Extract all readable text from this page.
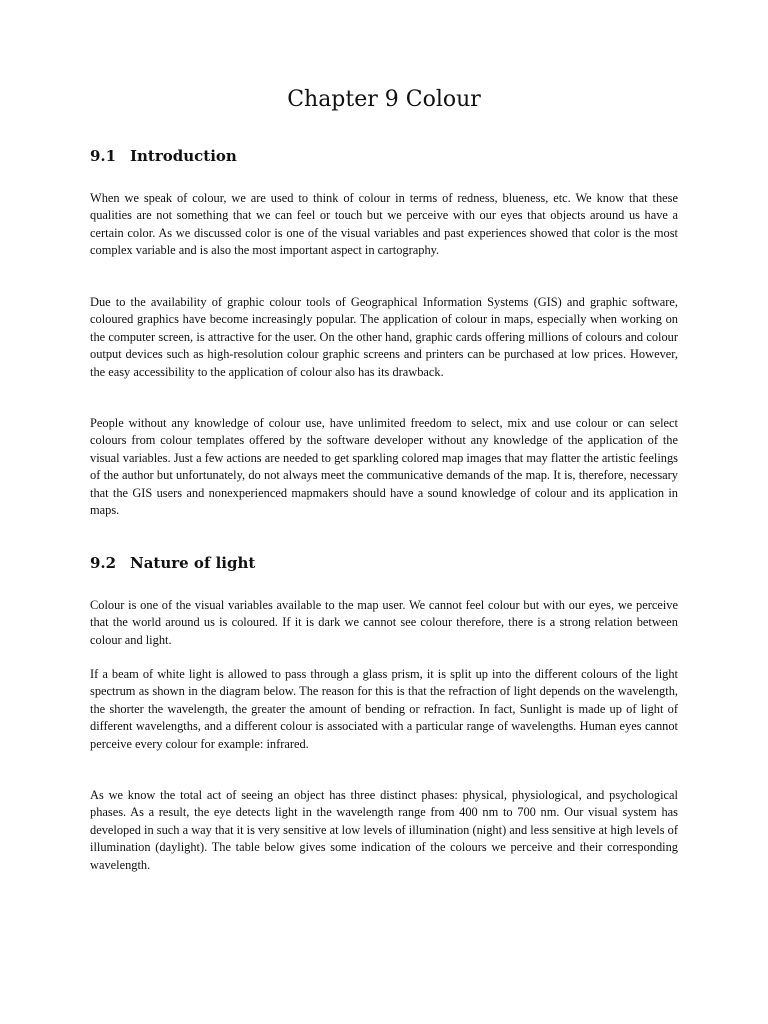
Chapter 9 Colour
9.1 Introduction

When we speak of colour, we are used to think of colour in terms of redness, blueness, etc. We know that these qualities are not something that we can feel or touch but we perceive with our eyes that objects around us have a certain color. As we discussed color is one of the visual variables and past experiences showed that color is the most complex variable and is also the most important aspect in cartography.

Due to the availability of graphic colour tools of Geographical Information Systems (GIS) and graphic software, coloured graphics have become increasingly popular. The application of colour in maps, especially when working on the computer screen, is attractive for the user. On the other hand, graphic cards offering millions of colours and colour output devices such as high-resolution colour graphic screens and printers can be purchased at low prices. However, the easy accessibility to the application of colour also has its drawback.

People without any knowledge of colour use, have unlimited freedom to select, mix and use colour or can select colours from colour templates offered by the software developer without any knowledge of the application of the visual variables. Just a few actions are needed to get sparkling colored map images that may flatter the artistic feelings of the author but unfortunately, do not always meet the communicative demands of the map. It is, therefore, necessary that the GIS users and nonexperienced mapmakers should have a sound knowledge of colour and its application in maps.

9.2 Nature of light

Colour is one of the visual variables available to the map user. We cannot feel colour but with our eyes, we perceive that the world around us is coloured. If it is dark we cannot see colour therefore, there is a strong relation between colour and light.

If a beam of white light is allowed to pass through a glass prism, it is split up into the different colours of the light spectrum as shown in the diagram below. The reason for this is that the refraction of light depends on the wavelength, the shorter the wavelength, the greater the amount of bending or refraction. In fact, Sunlight is made up of light of different wavelengths, and a different colour is associated with a particular range of wavelengths. Human eyes cannot perceive every colour for example: infrared.

As we know the total act of seeing an object has three distinct phases: physical, physiological, and psychological phases. As a result, the eye detects light in the wavelength range from 400 nm to 700 nm. Our visual system has developed in such a way that it is very sensitive at low levels of illumination (night) and less sensitive at high levels of illumination (daylight). The table below gives some indication of the colours we perceive and their corresponding wavelength.
